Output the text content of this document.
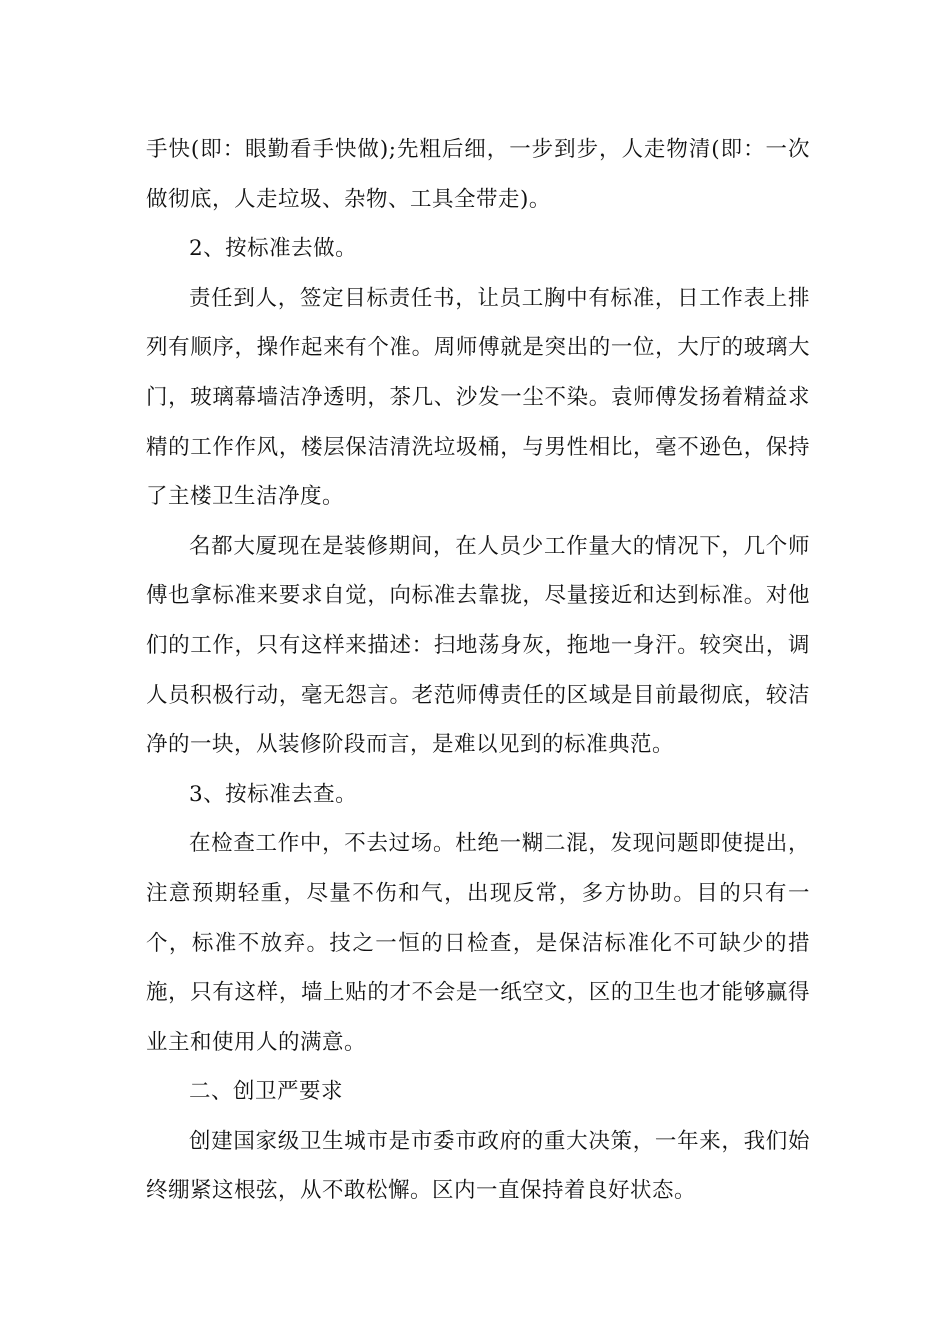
手快(即：眼勤看手快做);先粗后细，一步到步，人走物清(即：一次做彻底，人走垃圾、杂物、工具全带走)。

2、按标准去做。

责任到人，签定目标责任书，让员工胸中有标准，日工作表上排列有顺序，操作起来有个准。周师傅就是突出的一位，大厅的玻璃大门，玻璃幕墙洁净透明，茶几、沙发一尘不染。袁师傅发扬着精益求精的工作作风，楼层保洁清洗垃圾桶，与男性相比，毫不逊色，保持了主楼卫生洁净度。

名都大厦现在是装修期间，在人员少工作量大的情况下，几个师傅也拿标准来要求自觉，向标准去靠拢，尽量接近和达到标准。对他们的工作，只有这样来描述：扫地荡身灰，拖地一身汗。较突出，调人员积极行动，毫无怨言。老范师傅责任的区域是目前最彻底，较洁净的一块，从装修阶段而言，是难以见到的标准典范。

3、按标准去查。

在检查工作中，不去过场。杜绝一糊二混，发现问题即使提出，注意预期轻重，尽量不伤和气，出现反常，多方协助。目的只有一个，标准不放弃。技之一恒的日检查，是保洁标准化不可缺少的措施，只有这样，墙上贴的才不会是一纸空文，区的卫生也才能够赢得业主和使用人的满意。

二、创卫严要求

创建国家级卫生城市是市委市政府的重大决策，一年来，我们始终绷紧这根弦，从不敢松懈。区内一直保持着良好状态。
